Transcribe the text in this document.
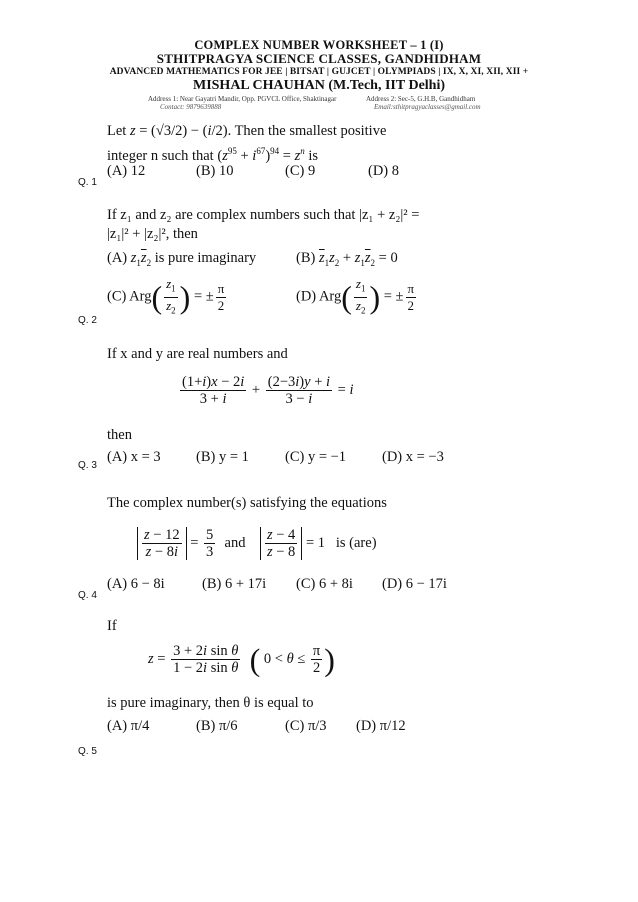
COMPLEX NUMBER WORKSHEET – 1 (I)
STHITPRAGYA SCIENCE CLASSES, GANDHIDHAM
ADVANCED MATHEMATICS FOR JEE | BITSAT | GUJCET | OLYMPIADS | IX, X, XI, XII, XII +
MISHAL CHAUHAN (M.Tech, IIT Delhi)
Address 1: Near Gayatri Mandir, Opp. PGVCL Office, Shaktinagar	Address 2: Sec-5, G.H.B, Gandhidham
Contact: 9879639888	Email:sthitpragyaclasses@gmail.com
Let z = (√3/2) − (i/2). Then the smallest positive
integer n such that $(z^{95} + i^{67})^{94} = z^n$ is
(A) 12	(B) 10	(C) 9	(D) 8
Q. 1
If z₁ and z₂ are complex numbers such that |z₁ + z₂|² =
|z₁|² + |z₂|², then
(A) $z_1\overline{z}_2$ is pure imaginary	(B) $\overline{z}_1z_2 + z_1\overline{z}_2 = 0$
(C) $Arg( \frac{z_1}{\overline{z}_2}$ ) = ± $\frac{\pi}{2}$	(D) $Arg( \frac{z_1}{z_2}$ ) = ± $\frac{\pi}{2}$
Q. 2
If x and y are real numbers and
$\frac{(1+i)x - 2i}{3 + i} + \frac{(2-3i)y + i}{3 - i} = i$
then
(A) x = 3 (B) y = 1 (C) y = −1 (D) x = −3
Q. 3
The complex number(s) satisfying the equations
$\frac{z - 12}{z - 8i} = \frac{5}{3}$ and $\frac{z - 4}{z - 8} = 1$   is (are)
(A) 6 − 8i	(B) 6 + 17i (C) 6 + 8i (D) 6 − 17i
Q. 4
If
$z = \frac{\text{3 + 2i sin θ}}{\text{1 − 2i sin θ}}$ ( $0 < \theta \le \frac{\pi}{2}$ )
is pure imaginary, then θ is equal to
(A) π/4	(B) π/6	(C) π/3 (D) π/12
Q. 5
